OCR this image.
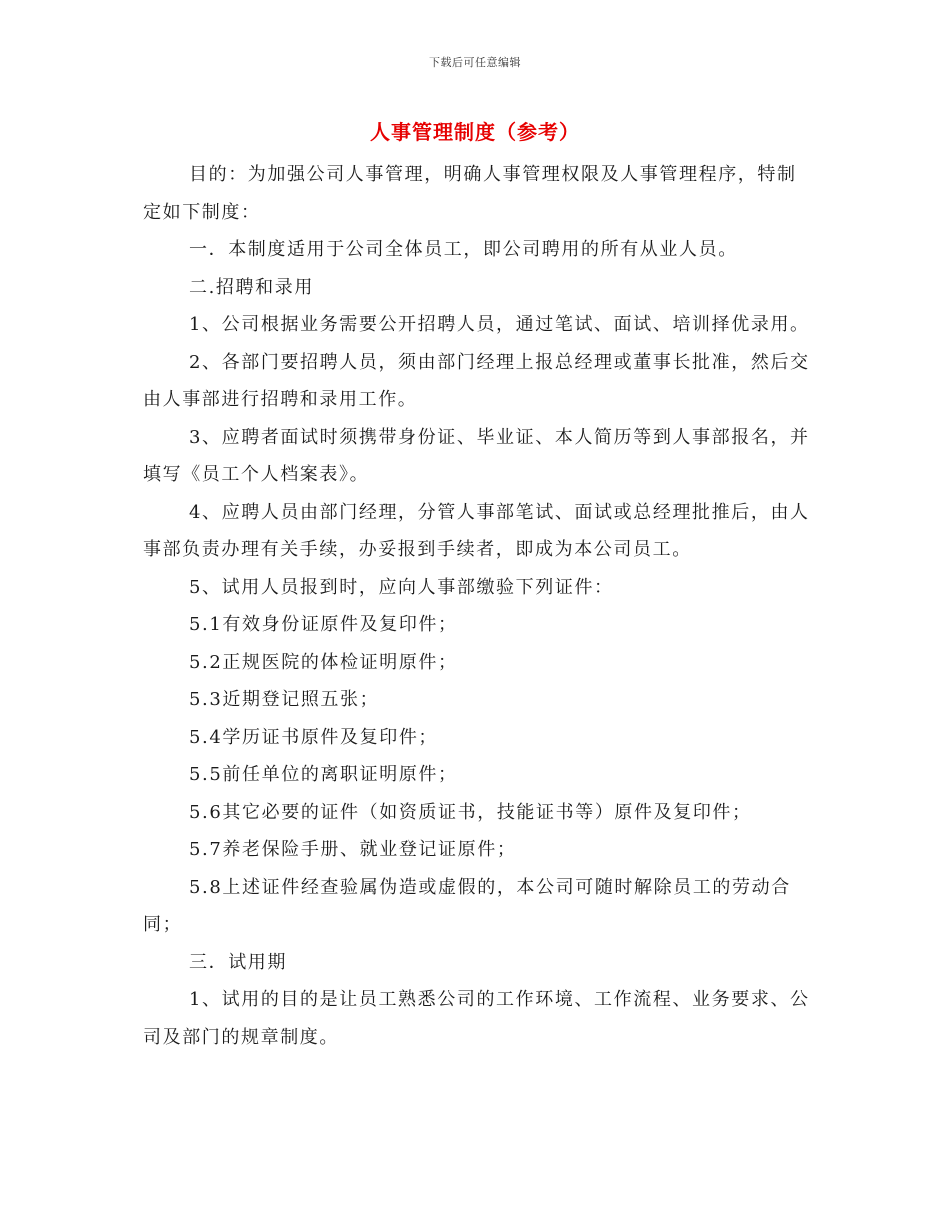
下载后可任意编辑
人事管理制度（参考）

目的：为加强公司人事管理，明确人事管理权限及人事管理程序，特制定如下制度：

一．本制度适用于公司全体员工，即公司聘用的所有从业人员。

二.招聘和录用

1、公司根据业务需要公开招聘人员，通过笔试、面试、培训择优录用。

2、各部门要招聘人员，须由部门经理上报总经理或董事长批准，然后交由人事部进行招聘和录用工作。

3、应聘者面试时须携带身份证、毕业证、本人简历等到人事部报名，并填写《员工个人档案表》。

4、应聘人员由部门经理，分管人事部笔试、面试或总经理批推后，由人事部负责办理有关手续，办妥报到手续者，即成为本公司员工。

5、试用人员报到时，应向人事部缴验下列证件：

5.1有效身份证原件及复印件；

5.2正规医院的体检证明原件；

5.3近期登记照五张；

5.4学历证书原件及复印件；

5.5前任单位的离职证明原件；

5.6其它必要的证件（如资质证书，技能证书等）原件及复印件；

5.7养老保险手册、就业登记证原件；

5.8上述证件经查验属伪造或虚假的，本公司可随时解除员工的劳动合同；

三．试用期

1、试用的目的是让员工熟悉公司的工作环境、工作流程、业务要求、公司及部门的规章制度。
